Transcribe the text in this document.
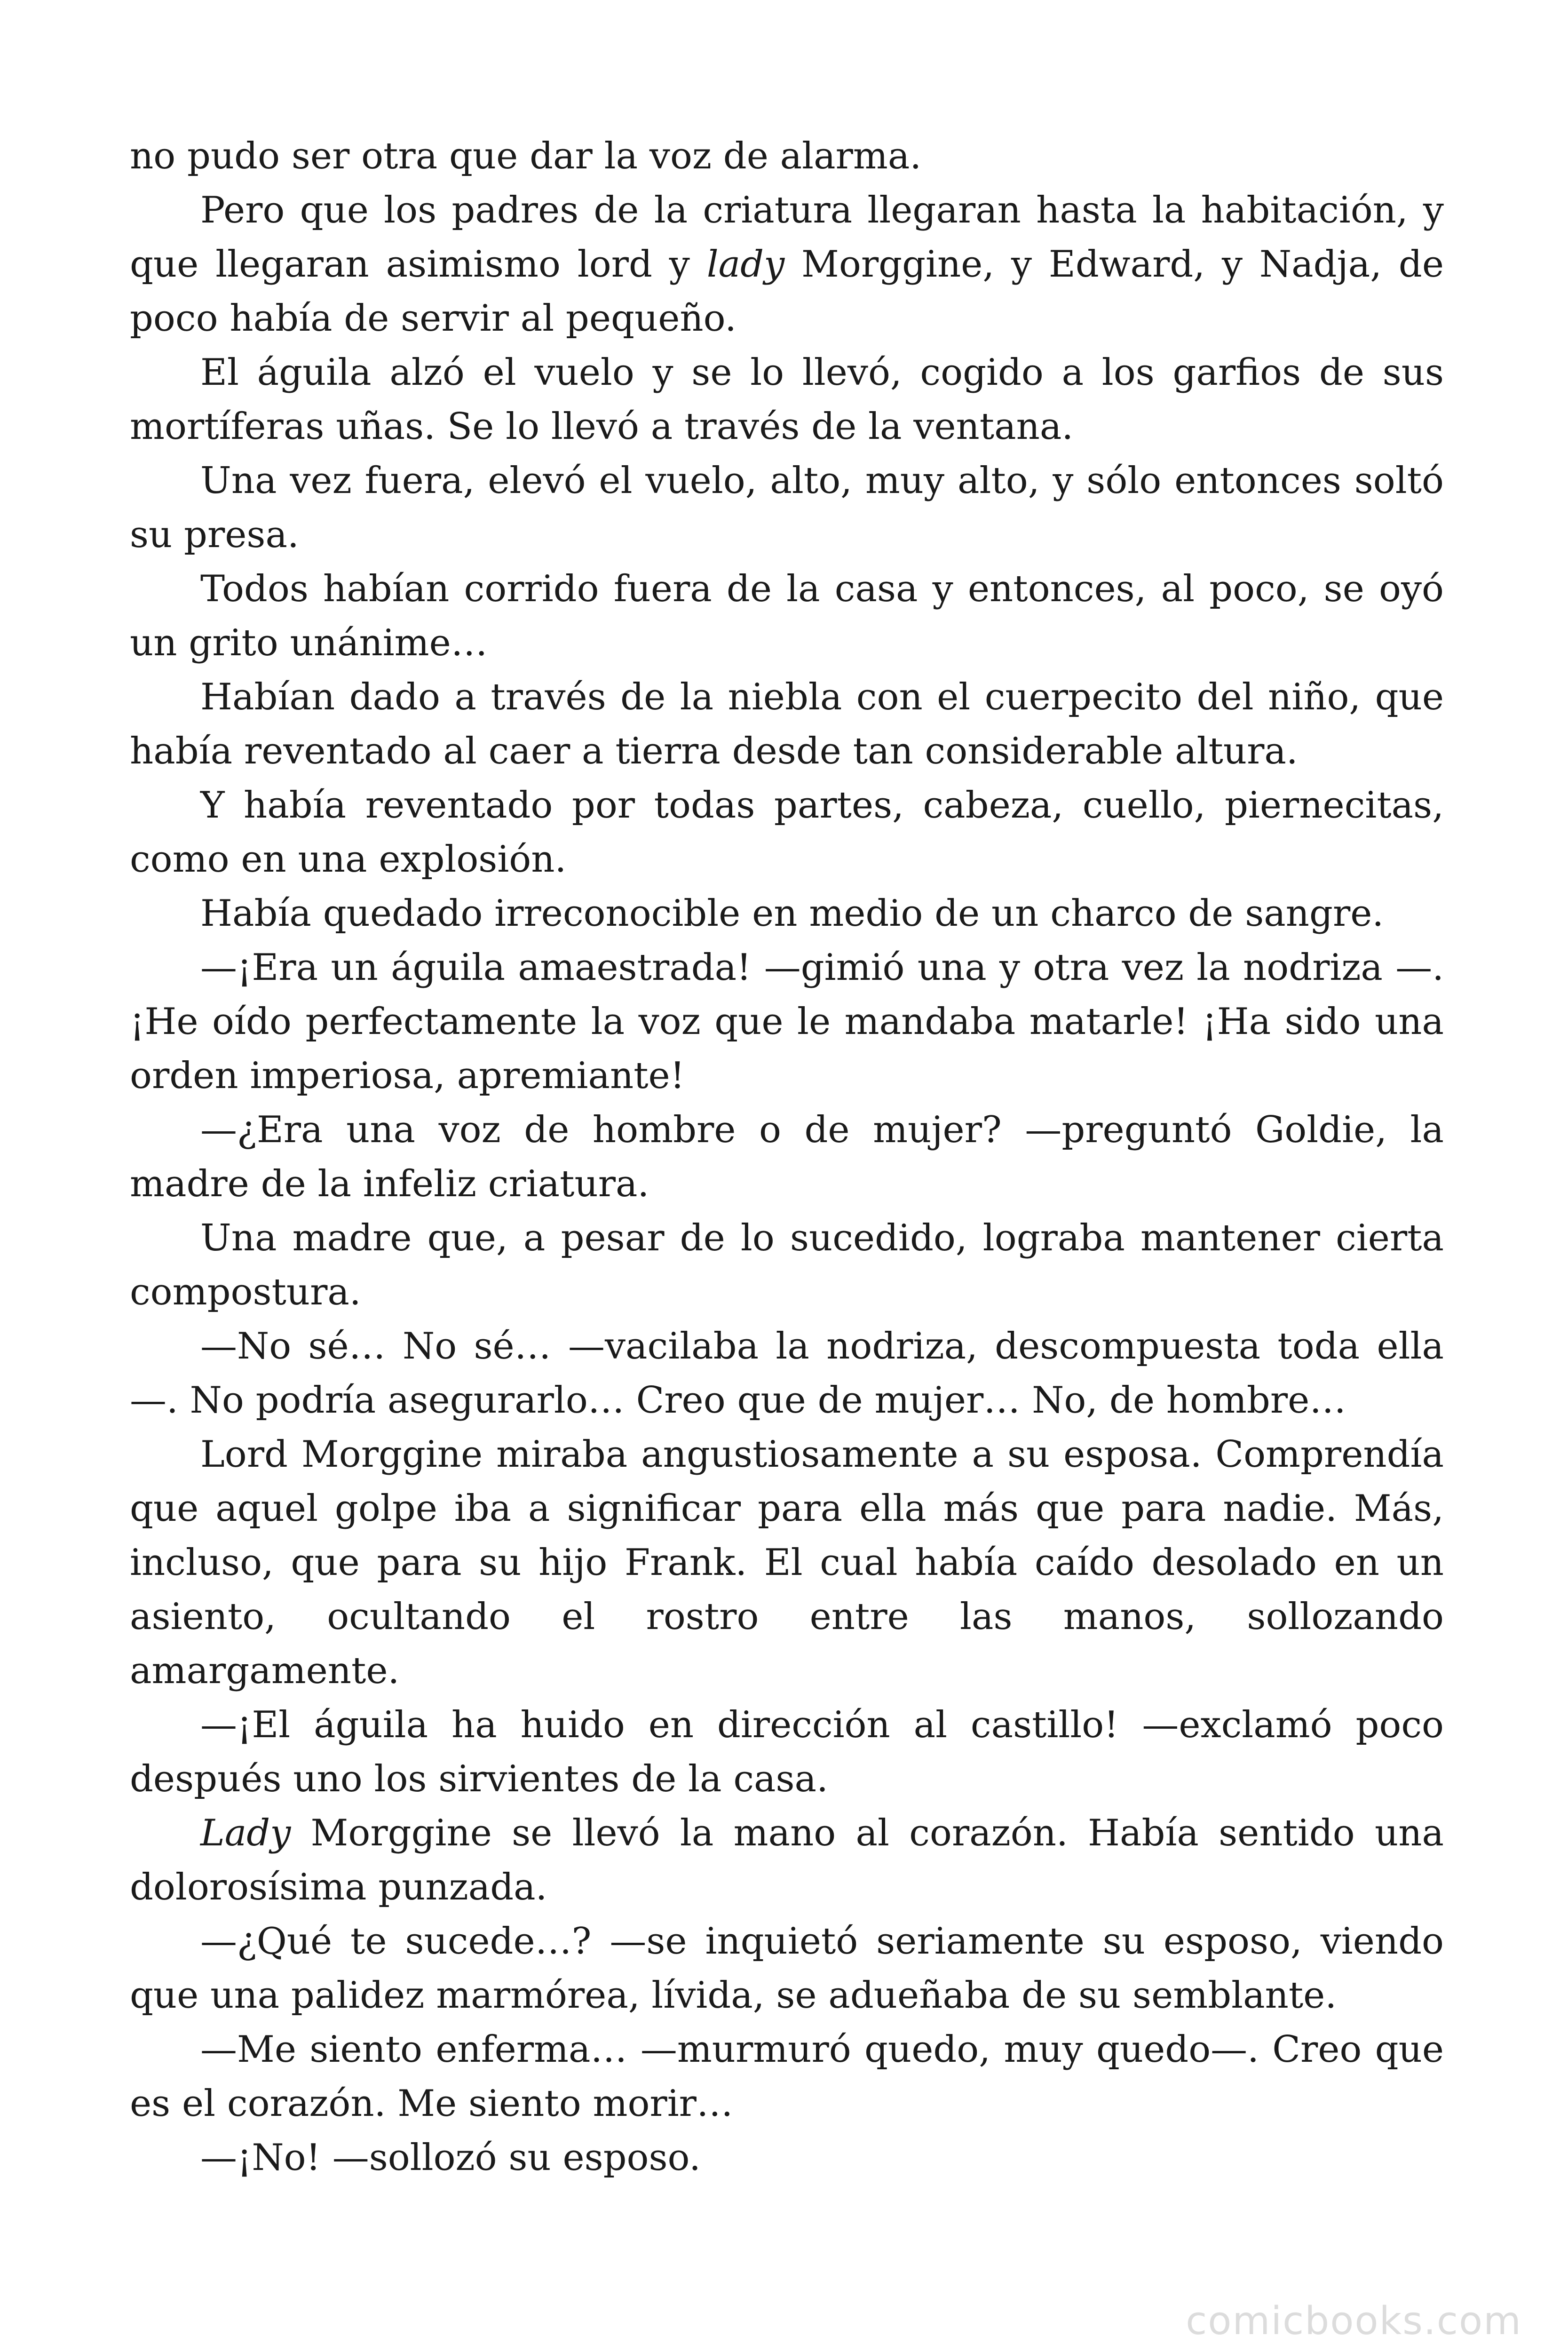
no pudo ser otra que dar la voz de alarma.

Pero que los padres de la criatura llegaran hasta la habitación, y que llegaran asimismo lord y lady Morggine, y Edward, y Nadja, de poco había de servir al pequeño.

El águila alzó el vuelo y se lo llevó, cogido a los garfios de sus mortíferas uñas. Se lo llevó a través de la ventana.

Una vez fuera, elevó el vuelo, alto, muy alto, y sólo entonces soltó su presa.

Todos habían corrido fuera de la casa y entonces, al poco, se oyó un grito unánime…

Habían dado a través de la niebla con el cuerpecito del niño, que había reventado al caer a tierra desde tan considerable altura.

Y había reventado por todas partes, cabeza, cuello, piernecitas, como en una explosión.

Había quedado irreconocible en medio de un charco de sangre.

—¡Era un águila amaestrada! —gimió una y otra vez la nodriza —. ¡He oído perfectamente la voz que le mandaba matarle! ¡Ha sido una orden imperiosa, apremiante!

—¿Era una voz de hombre o de mujer? —preguntó Goldie, la madre de la infeliz criatura.

Una madre que, a pesar de lo sucedido, lograba mantener cierta compostura.

—No sé… No sé… —vacilaba la nodriza, descompuesta toda ella —. No podría asegurarlo… Creo que de mujer… No, de hombre…

Lord Morggine miraba angustiosamente a su esposa. Comprendía que aquel golpe iba a significar para ella más que para nadie. Más, incluso, que para su hijo Frank. El cual había caído desolado en un asiento, ocultando el rostro entre las manos, sollozando amargamente.

—¡El águila ha huido en dirección al castillo! —exclamó poco después uno los sirvientes de la casa.

Lady Morggine se llevó la mano al corazón. Había sentido una dolorosísima punzada.

—¿Qué te sucede…? —se inquietó seriamente su esposo, viendo que una palidez marmórea, lívida, se adueñaba de su semblante.

—Me siento enferma… —murmuró quedo, muy quedo—. Creo que es el corazón. Me siento morir…

—¡No! —sollozó su esposo.

comicbooks.com
